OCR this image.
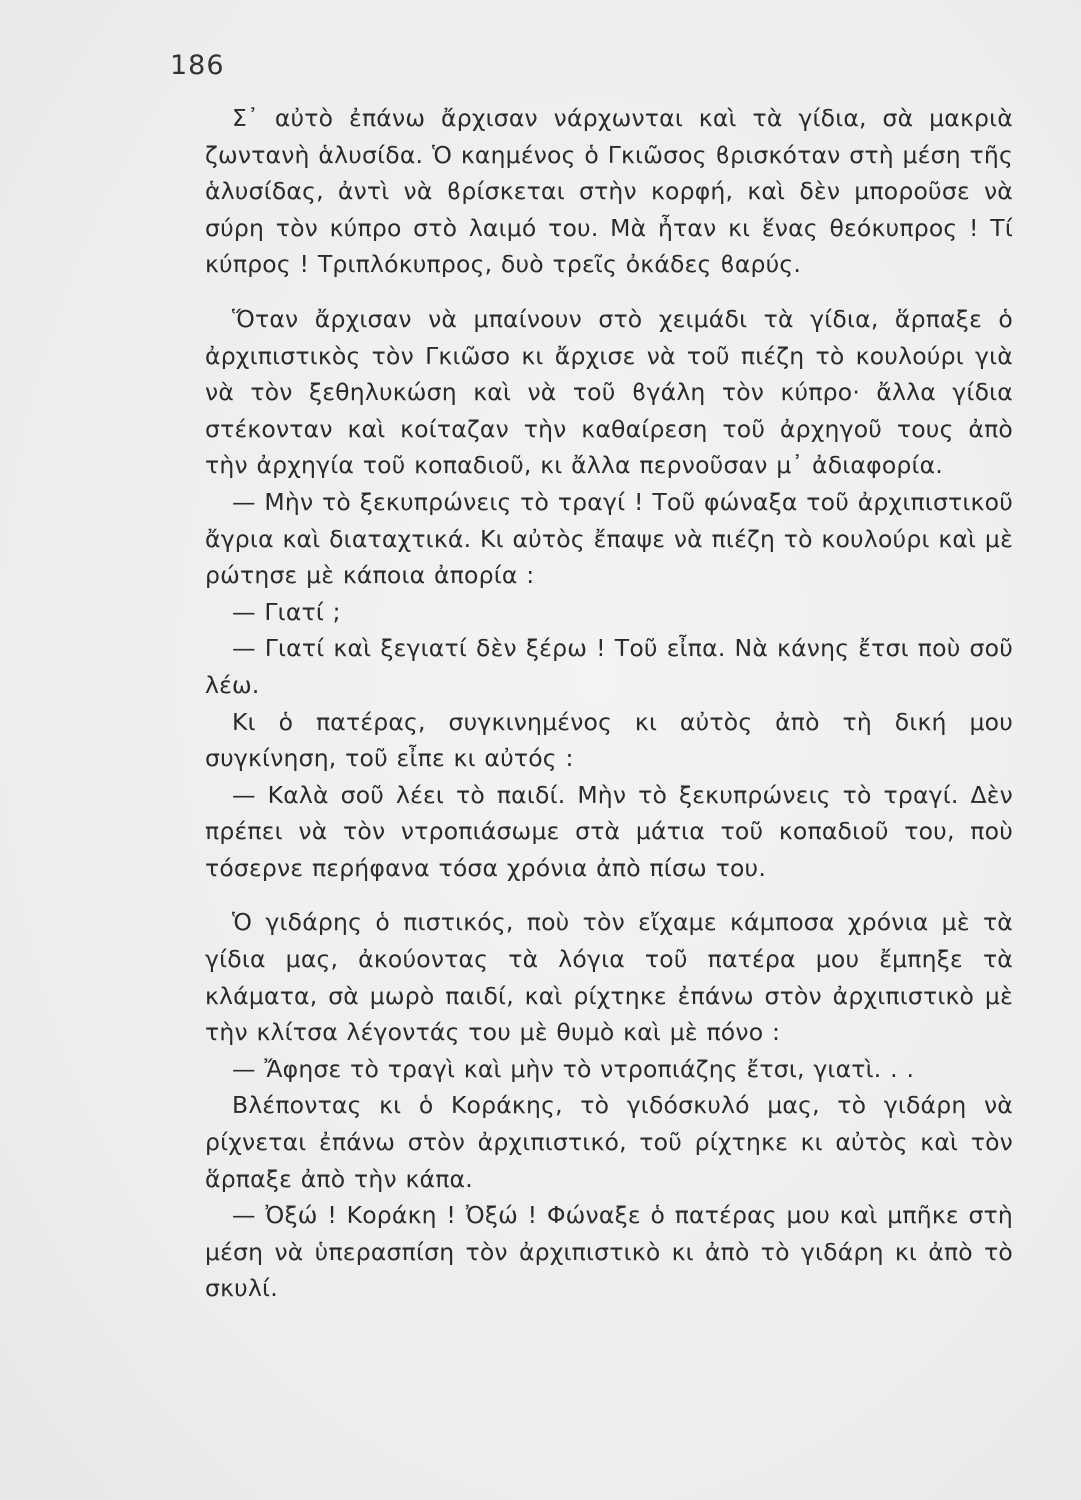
186

Σ᾿ αὐτὸ ἐπάνω ἄρχισαν νάρχωνται καὶ τὰ γίδια, σὰ μακριὰ ζωντανὴ ἁλυσίδα. Ὁ καημένος ὁ Γκιῶσος ϐρισκόταν στὴ μέση τῆς ἁλυσίδας, ἀντὶ νὰ ϐρίσκεται στὴν κορφή, καὶ δὲν μποροῦσε νὰ σύρη τὸν κύπρο στὸ λαιμό του. Μὰ ἦταν κι ἕνας θεόκυπρος ! Τί κύπρος ! Τριπλόκυπρος, δυὸ τρεῖς ὀκάδες ϐαρύς.

Ὅταν ἄρχισαν νὰ μπαίνουν στὸ χειμάδι τὰ γίδια, ἅρπαξε ὁ ἀρχιπιστικὸς τὸν Γκιῶσο κι ἄρχισε νὰ τοῦ πιέζη τὸ κουλούρι γιὰ νὰ τὸν ξεθηλυκώση καὶ νὰ τοῦ ϐγάλη τὸν κύπρο· ἄλλα γίδια στέκονταν καὶ κοίταζαν τὴν καθαίρεση τοῦ ἀρχηγοῦ τους ἀπὸ τὴν ἀρχηγία τοῦ κοπαδιοῦ, κι ἄλλα περνοῦσαν μ᾿ ἀδιαφορία.

— Μὴν τὸ ξεκυπρώνεις τὸ τραγί ! Τοῦ φώναξα τοῦ ἀρχιπιστικοῦ ἄγρια καὶ διαταχτικά. Κι αὐτὸς ἔπαψε νὰ πιέζη τὸ κουλούρι καὶ μὲ ρώτησε μὲ κάποια ἀπορία :

— Γιατί ;

— Γιατί καὶ ξεγιατί δὲν ξέρω ! Τοῦ εἶπα. Νὰ κάνης ἔτσι ποὺ σοῦ λέω.

Κι ὁ πατέρας, συγκινημένος κι αὐτὸς ἀπὸ τὴ δική μου συγκίνηση, τοῦ εἶπε κι αὐτός :

— Καλὰ σοῦ λέει τὸ παιδί. Μὴν τὸ ξεκυπρώνεις τὸ τραγί. Δὲν πρέπει νὰ τὸν ντροπιάσωμε στὰ μάτια τοῦ κοπαδιοῦ του, ποὺ τόσερνε περήφανα τόσα χρόνια ἀπὸ πίσω του.

Ὁ γιδάρης ὁ πιστικός, ποὺ τὸν εἴχαμε κάμποσα χρόνια μὲ τὰ γίδια μας, ἀκούοντας τὰ λόγια τοῦ πατέρα μου ἔμπηξε τὰ κλάματα, σὰ μωρὸ παιδί, καὶ ρίχτηκε ἐπάνω στὸν ἀρχιπιστικὸ μὲ τὴν κλίτσα λέγοντάς του μὲ θυμὸ καὶ μὲ πόνο :

— Ἄφησε τὸ τραγὶ καὶ μὴν τὸ ντροπιάζης ἔτσι, γιατὶ. . .

Βλέποντας κι ὁ Κοράκης, τὸ γιδόσκυλό μας, τὸ γιδάρη νὰ ρίχνεται ἐπάνω στὸν ἀρχιπιστικό, τοῦ ρίχτηκε κι αὐτὸς καὶ τὸν ἅρπαξε ἀπὸ τὴν κάπα.

— Ὀξώ ! Κοράκη ! Ὀξώ ! Φώναξε ὁ πατέρας μου καὶ μπῆκε στὴ μέση νὰ ὑπερασπίση τὸν ἀρχιπιστικὸ κι ἀπὸ τὸ γιδάρη κι ἀπὸ τὸ σκυλί.
